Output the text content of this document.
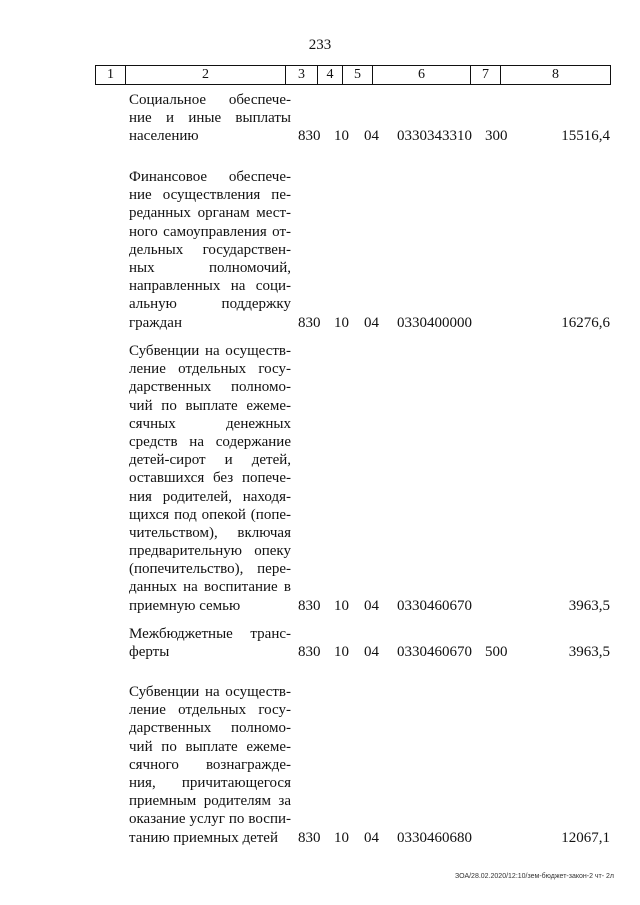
233
1	2	3	4	5	6	7	8
Социальное обеспече-
ние и иные выплаты
населению	830 10 04 0330343310 300	15516,4
Финансовое обеспече-
ние осуществления пе-
реданных органам мест-
ного самоуправления от-
дельных государствен-
ных полномочий,
направленных на соци-
альную поддержку
граждан	830 10 04 0330400000	16276,6
Субвенции на осуществ-
ление отдельных госу-
дарственных полномо-
чий по выплате ежеме-
сячных денежных
средств на содержание
детей-сирот и детей,
оставшихся без попече-
ния родителей, находя-
щихся под опекой (попе-
чительством), включая
предварительную опеку
(попечительство), пере-
данных на воспитание в
приемную семью	830 10 04 0330460670	3963,5
Межбюджетные транс-
ферты	830 10 04 0330460670 500	3963,5
Субвенции на осуществ-
ление отдельных госу-
дарственных полномо-
чий по выплате ежеме-
сячного вознагражде-
ния, причитающегося
приемным родителям за
оказание услуг по воспи-
танию приемных детей	830 10 04 0330460680	12067,1
ЗОА/28.02.2020/12:10/зем-бюджет-закон-2 чт- 2л
